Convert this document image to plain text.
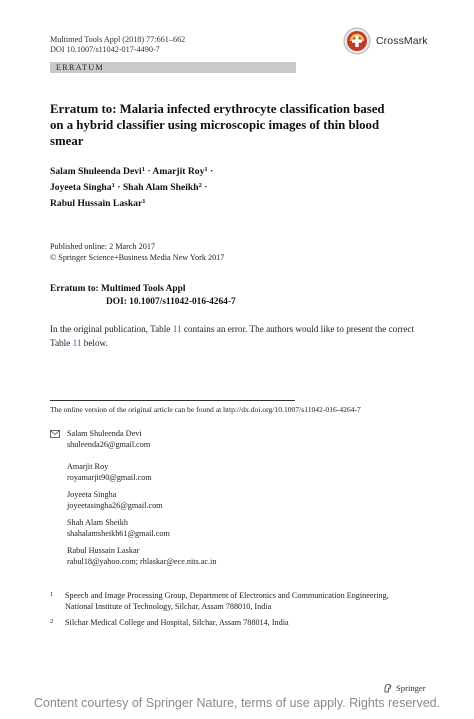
Multimed Tools Appl (2018) 77:661–662
DOI 10.1007/s11042-017-4490-7
CrossMark
ERRATUM
Erratum to: Malaria infected erythrocyte classification based on a hybrid classifier using microscopic images of thin blood smear
Salam Shuleenda Devi$^1$ · Amarjit Roy$^1$ ·
Joyeeta Singha$^1$ · Shah Alam Sheikh$^2$ ·
Rabul Hussain Laskar$^1$
Published online: 2 March 2017
© Springer Science+Business Media New York 2017
Erratum to: Multimed Tools Appl
DOI: 10.1007/s11042-016-4264-7
In the original publication, Table 11 contains an error. The authors would like to present the correct Table 11 below.
The online version of the original article can be found at http://dx.doi.org/10.1007/s11042-016-4264-7
Salam Shuleenda Devi
shuleenda26@gmail.com
Amarjit Roy
royamarjit90@gmail.com
Joyeeta Singha
joyeetasingha26@gmail.com
Shah Alam Sheikh
shahalamsheikh61@gmail.com
Rabul Hussain Laskar
rabul18@yahoo.com; rhlaskar@ece.nits.ac.in
1 Speech and Image Processing Group, Department of Electronics and Communication Engineering,
National Institute of Technology, Silchar, Assam 788010, India
2 Silchar Medical College and Hospital, Silchar, Assam 788014, India
Springer
Content courtesy of Springer Nature, terms of use apply. Rights reserved.
